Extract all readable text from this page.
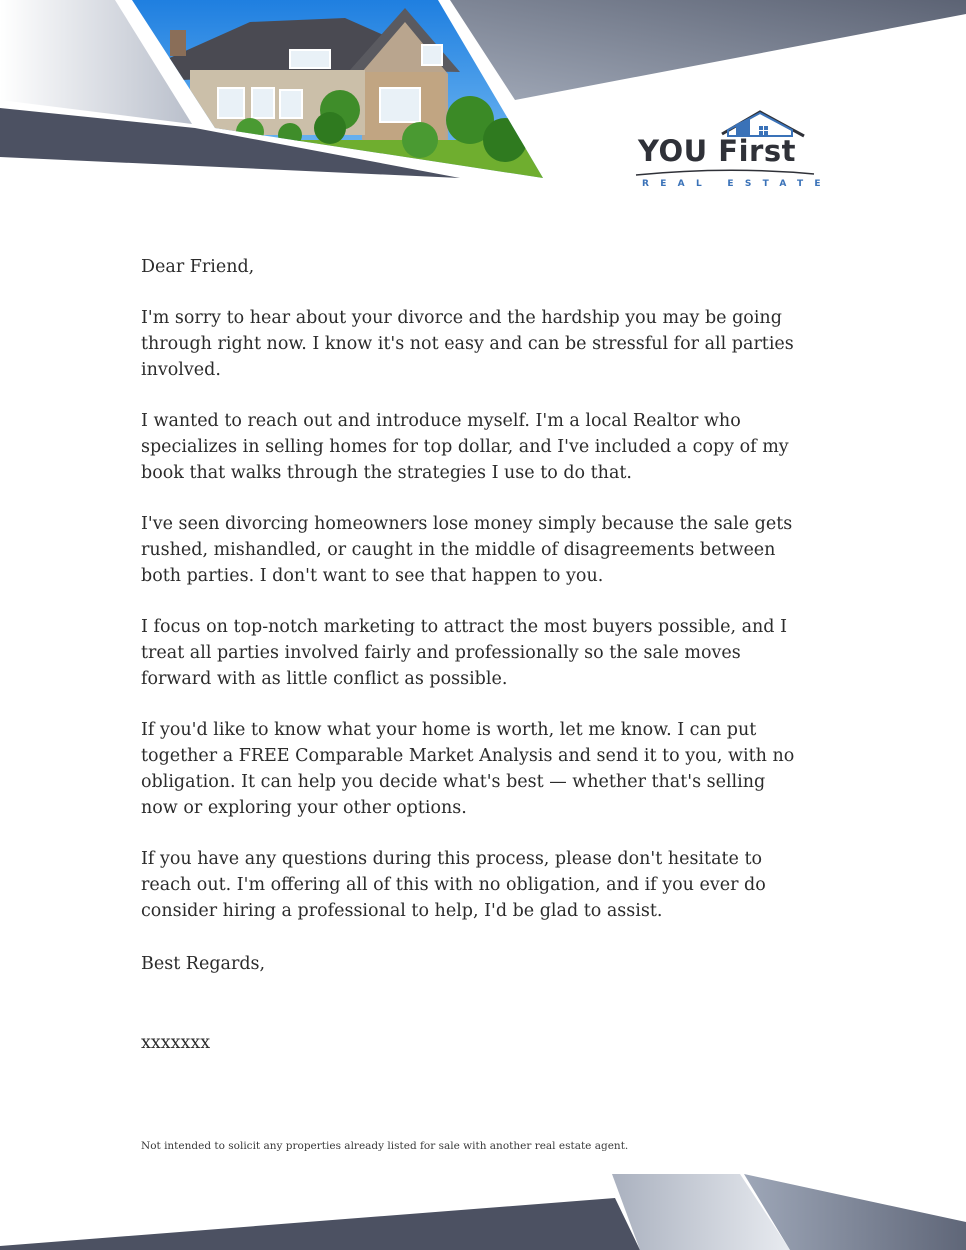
YOU First

REAL ESTATE

Dear Friend,

I'm sorry to hear about your divorce and the hardship you may be going through right now. I know it's not easy and can be stressful for all parties involved.

I wanted to reach out and introduce myself. I'm a local Realtor who specializes in selling homes for top dollar, and I've included a copy of my book that walks through the strategies I use to do that.

I've seen divorcing homeowners lose money simply because the sale gets rushed, mishandled, or caught in the middle of disagreements between both parties. I don't want to see that happen to you.

I focus on top-notch marketing to attract the most buyers possible, and I treat all parties involved fairly and professionally so the sale moves forward with as little conflict as possible.

If you'd like to know what your home is worth, let me know. I can put together a FREE Comparable Market Analysis and send it to you, with no obligation. It can help you decide what's best — whether that's selling now or exploring your other options.

If you have any questions during this process, please don't hesitate to reach out. I'm offering all of this with no obligation, and if you ever do consider hiring a professional to help, I'd be glad to assist.

Best Regards,

xxxxxxx

Not intended to solicit any properties already listed for sale with another real estate agent.
